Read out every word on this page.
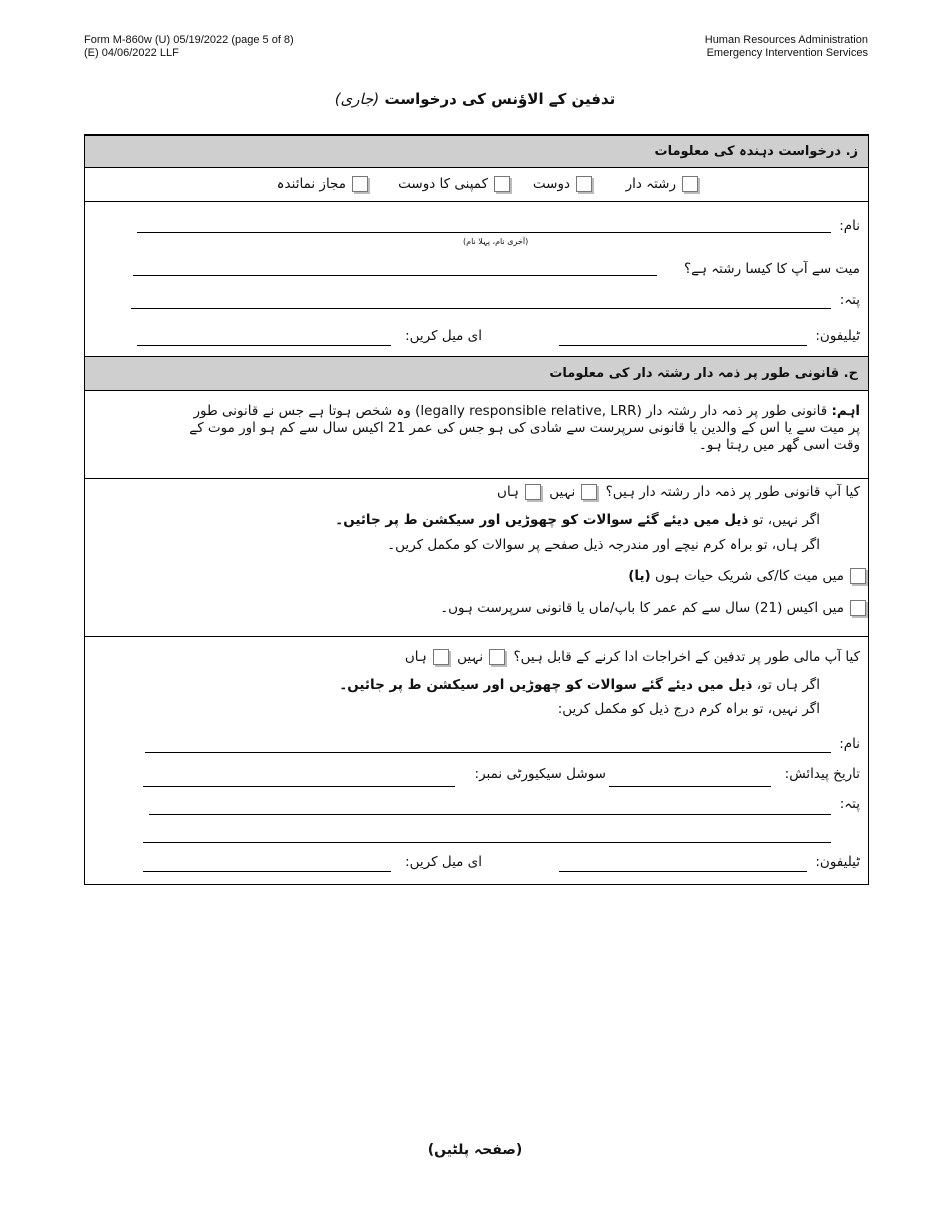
Form M-860w (U) 05/19/2022 (page 5 of 8)
(E) 04/06/2022 LLF
Human Resources Administration
Emergency Intervention Services
تدفین کے الاؤنس کی درخواست (جاری)
ز. درخواست دہندہ کی معلومات
رشتہ دار
دوست
کمپنی کا دوست
مجاز نمائندہ
نام:
(آخری نام، پہلا نام)
میت سے آپ کا کیسا رشتہ ہے؟
پتہ:
ٹیلیفون:
ای میل کریں:
ح. قانونی طور پر ذمہ دار رشتہ دار کی معلومات
اہم: قانونی طور پر ذمہ دار رشتہ دار (legally responsible relative, LRR) وہ شخص ہوتا ہے جس نے قانونی طور
پر میت سے یا اس کے والدین یا قانونی سرپرست سے شادی کی ہو جس کی عمر 21 اکیس سال سے کم ہو اور موت کے
وقت اسی گھر میں رہتا ہو۔
کیا آپ قانونی طور پر ذمہ دار رشتہ دار ہیں؟ نہیں ہاں
اگر نہیں، تو ذیل میں دیئے گئے سوالات کو چھوڑیں اور سیکشن ط پر جائیں۔
اگر ہاں، تو براہ کرم نیچے اور مندرجہ ذیل صفحے پر سوالات کو مکمل کریں۔
میں میت کا/کی شریک حیات ہوں (یا)
میں اکیس (21) سال سے کم عمر کا باپ/ماں یا قانونی سرپرست ہوں۔
کیا آپ مالی طور پر تدفین کے اخراجات ادا کرنے کے قابل ہیں؟ نہیں ہاں
اگر ہاں تو، ذیل میں دیئے گئے سوالات کو چھوڑیں اور سیکشن ط پر جائیں۔
اگر نہیں، تو براہ کرم درج ذیل کو مکمل کریں:
نام:
تاریخ پیدائش:
سوشل سیکیورٹی نمبر:
پتہ:
ٹیلیفون:
ای میل کریں:
(صفحہ پلٹیں)
